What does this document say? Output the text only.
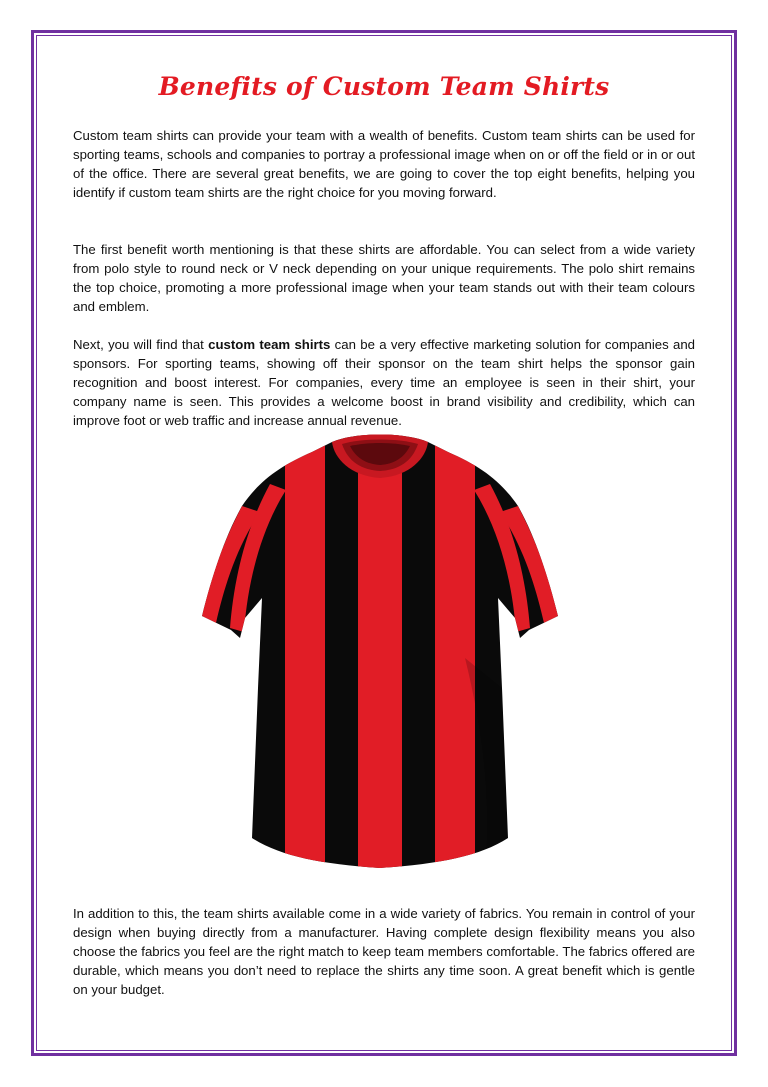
Benefits of Custom Team Shirts

Custom team shirts can provide your team with a wealth of benefits. Custom team shirts can be used for sporting teams, schools and companies to portray a professional image when on or off the field or in or out of the office. There are several great benefits, we are going to cover the top eight benefits, helping you identify if custom team shirts are the right choice for you moving forward.

The first benefit worth mentioning is that these shirts are affordable. You can select from a wide variety from polo style to round neck or V neck depending on your unique requirements. The polo shirt remains the top choice, promoting a more professional image when your team stands out with their team colours and emblem.

Next, you will find that custom team shirts can be a very effective marketing solution for companies and sponsors. For sporting teams, showing off their sponsor on the team shirt helps the sponsor gain recognition and boost interest. For companies, every time an employee is seen in their shirt, your company name is seen. This provides a welcome boost in brand visibility and credibility, which can improve foot or web traffic and increase annual revenue.

In addition to this, the team shirts available come in a wide variety of fabrics. You remain in control of your design when buying directly from a manufacturer. Having complete design flexibility means you also choose the fabrics you feel are the right match to keep team members comfortable. The fabrics offered are durable, which means you don’t need to replace the shirts any time soon. A great benefit which is gentle on your budget.
